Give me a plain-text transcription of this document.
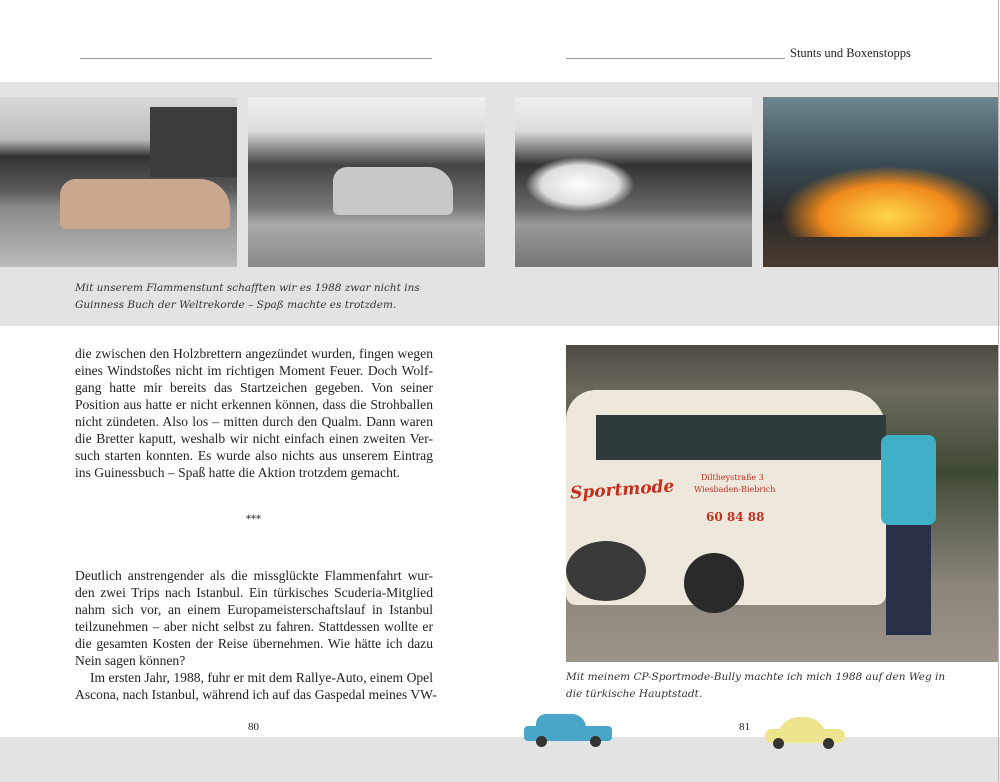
Stunts und Boxenstopps
Mit unserem Flammenstunt schafften wir es 1988 zwar nicht ins
Guinness Buch der Weltrekorde – Spaß machte es trotzdem.
die zwischen den Holzbrettern angezündet wurden, fingen wegen
eines Windstoßes nicht im richtigen Moment Feuer. Doch Wolf-
gang hatte mir bereits das Startzeichen gegeben. Von seiner
Position aus hatte er nicht erkennen können, dass die Strohballen
nicht zündeten. Also los – mitten durch den Qualm. Dann waren
die Bretter kaputt, weshalb wir nicht einfach einen zweiten Ver-
such starten konnten. Es wurde also nichts aus unserem Eintrag
ins Guinessbuch – Spaß hatte die Aktion trotzdem gemacht.
***
Deutlich anstrengender als die missglückte Flammenfahrt wur-
den zwei Trips nach Istanbul. Ein türkisches Scuderia-Mitglied
nahm sich vor, an einem Europameisterschaftslauf in Istanbul
teilzunehmen – aber nicht selbst zu fahren. Stattdessen wollte er
die gesamten Kosten der Reise übernehmen. Wie hätte ich dazu
Nein sagen können?
Im ersten Jahr, 1988, fuhr er mit dem Rallye-Auto, einem Opel
Ascona, nach Istanbul, während ich auf das Gaspedal meines VW-
Sportmode	Diltheystraße 3
Wiesbaden-Biebrich
60 84 88
Mit meinem CP-Sportmode-Bully machte ich mich 1988 auf den Weg in
die türkische Hauptstadt.
80	81
